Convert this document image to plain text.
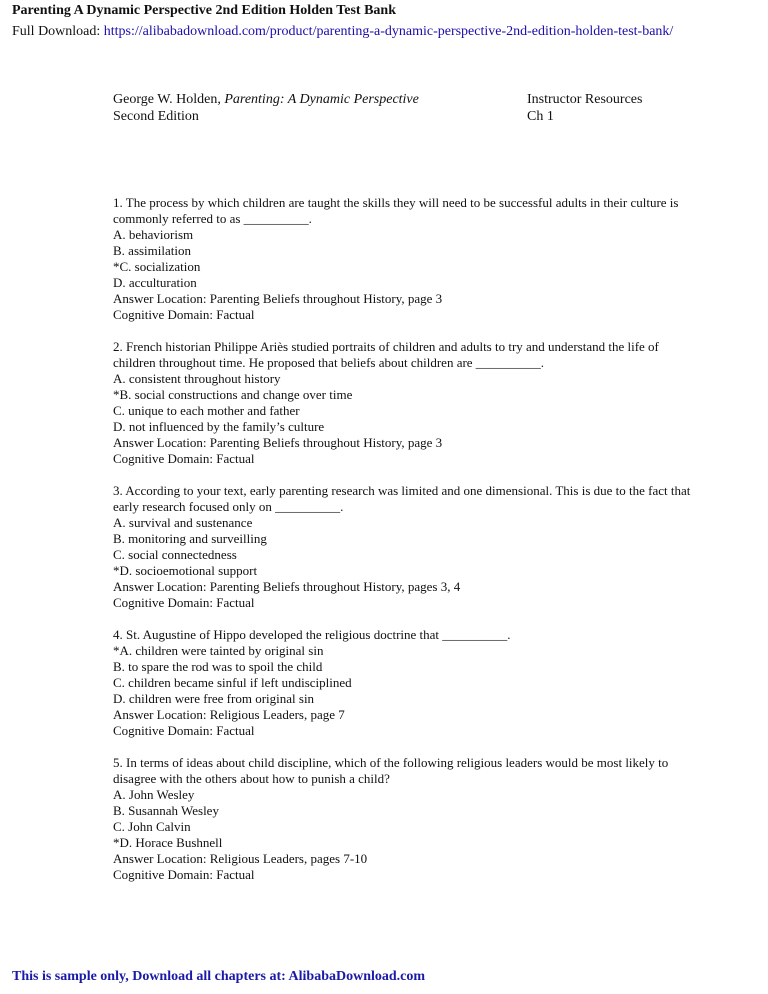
Parenting A Dynamic Perspective 2nd Edition Holden Test Bank
Full Download: https://alibabadownload.com/product/parenting-a-dynamic-perspective-2nd-edition-holden-test-bank/
George W. Holden, Parenting: A Dynamic Perspective	Instructor Resources
Second Edition	Ch 1
1. The process by which children are taught the skills they will need to be successful adults in their culture is commonly referred to as __________.
A. behaviorism
B. assimilation
*C. socialization
D. acculturation
Answer Location: Parenting Beliefs throughout History, page 3
Cognitive Domain: Factual
2. French historian Philippe Ariès studied portraits of children and adults to try and understand the life of children throughout time. He proposed that beliefs about children are __________.
A. consistent throughout history
*B. social constructions and change over time
C. unique to each mother and father
D. not influenced by the family’s culture
Answer Location: Parenting Beliefs throughout History, page 3
Cognitive Domain: Factual
3. According to your text, early parenting research was limited and one dimensional. This is due to the fact that early research focused only on __________.
A. survival and sustenance
B. monitoring and surveilling
C. social connectedness
*D. socioemotional support
Answer Location: Parenting Beliefs throughout History, pages 3, 4
Cognitive Domain: Factual
4. St. Augustine of Hippo developed the religious doctrine that __________.
*A. children were tainted by original sin
B. to spare the rod was to spoil the child
C. children became sinful if left undisciplined
D. children were free from original sin
Answer Location: Religious Leaders, page 7
Cognitive Domain: Factual
5. In terms of ideas about child discipline, which of the following religious leaders would be most likely to disagree with the others about how to punish a child?
A. John Wesley
B. Susannah Wesley
C. John Calvin
*D. Horace Bushnell
Answer Location: Religious Leaders, pages 7-10
Cognitive Domain: Factual
This is sample only, Download all chapters at: AlibabaDownload.com
